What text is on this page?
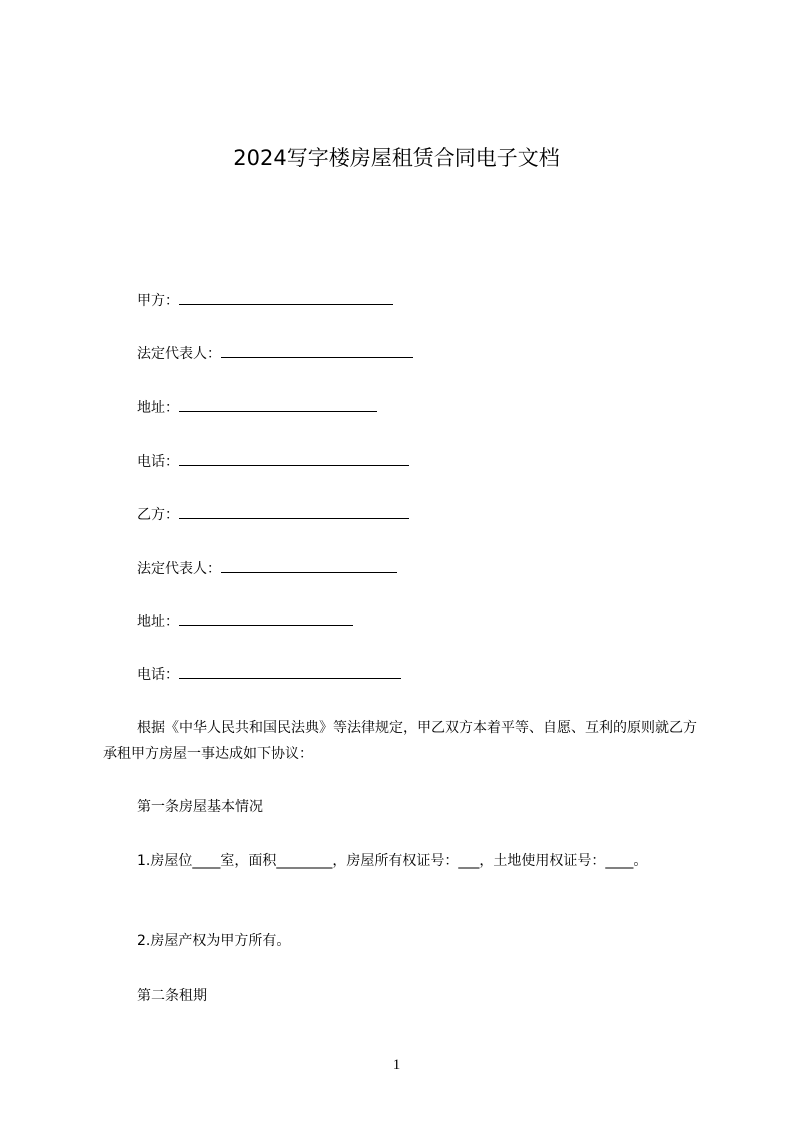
2024写字楼房屋租赁合同电子文档
甲方：
法定代表人：
地址：
电话：
乙方：
法定代表人：
地址：
电话：
根据《中华人民共和国民法典》等法律规定，甲乙双方本着平等、自愿、互利的原则就乙方承租甲方房屋一事达成如下协议：
第一条房屋基本情况
1.房屋位____室，面积________，房屋所有权证号：___，土地使用权证号：____。
2.房屋产权为甲方所有。
第二条租期
1
